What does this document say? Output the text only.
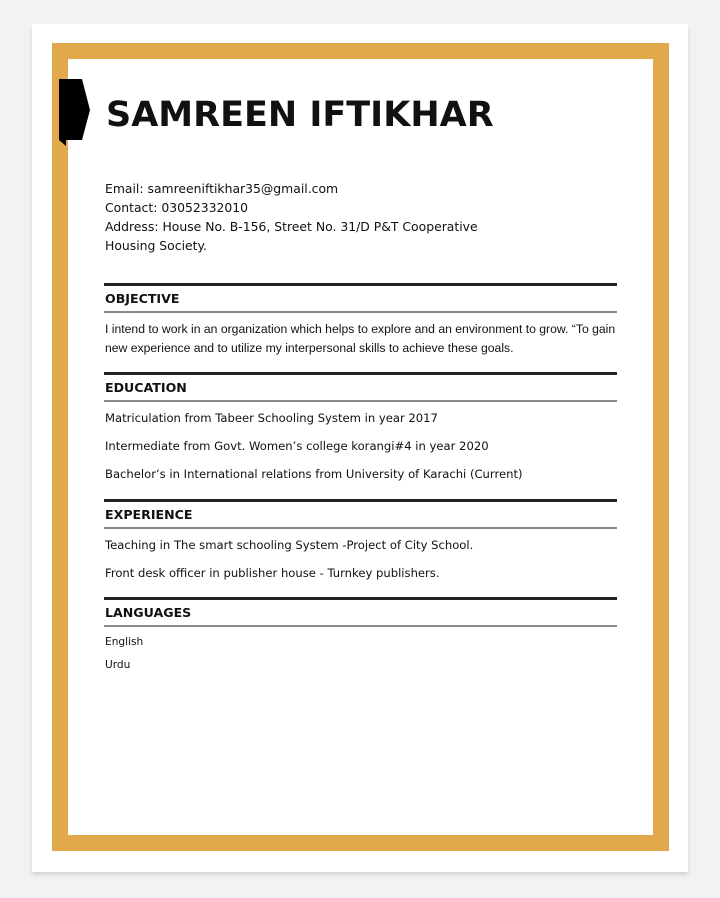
SAMREEN IFTIKHAR
Email: samreeniftikhar35@gmail.com
Contact: 03052332010
Address: House No. B-156, Street No. 31/D P&T Cooperative
Housing Society.
OBJECTIVE
I intend to work in an organization which helps to explore and an environment to grow. “To gain new experience and to utilize my interpersonal skills to achieve these goals.
EDUCATION
Matriculation from Tabeer Schooling System in year 2017
Intermediate from Govt. Women’s college korangi#4 in year 2020
Bachelor’s in International relations from University of Karachi (Current)
EXPERIENCE
Teaching in The smart schooling System -Project of City School.
Front desk officer in publisher house - Turnkey publishers.
LANGUAGES
English
Urdu
